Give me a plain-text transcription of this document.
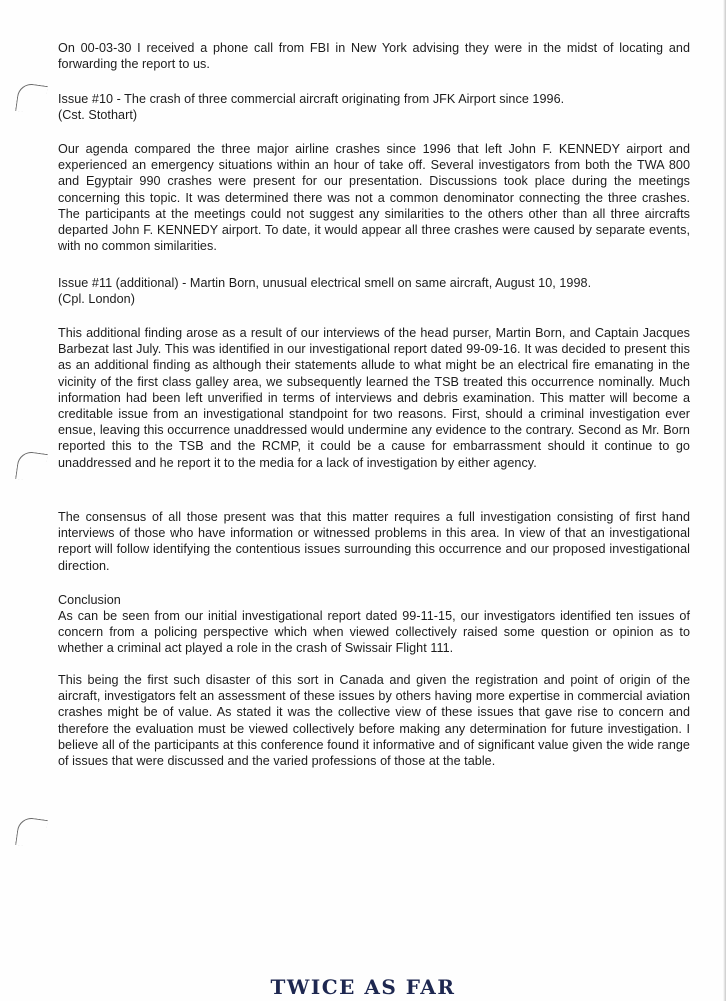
On 00-03-30 I received a phone call from FBI in New York advising they were in the midst of locating and forwarding the report to us.

Issue #10 - The crash of three commercial aircraft originating from JFK Airport since 1996.

(Cst. Stothart)

Our agenda compared the three major airline crashes since 1996 that left John F. KENNEDY airport and experienced an emergency situations within an hour of take off. Several investigators from both the TWA 800 and Egyptair 990 crashes were present for our presentation. Discussions took place during the meetings concerning this topic. It was determined there was not a common denominator connecting the three crashes. The participants at the meetings could not suggest any similarities to the others other than all three aircrafts departed John F. KENNEDY airport. To date, it would appear all three crashes were caused by separate events, with no common similarities.

Issue #11 (additional) - Martin Born, unusual electrical smell on same aircraft, August 10, 1998.

(Cpl. London)

This additional finding arose as a result of our interviews of the head purser, Martin Born, and Captain Jacques Barbezat last July. This was identified in our investigational report dated 99-09-16. It was decided to present this as an additional finding as although their statements allude to what might be an electrical fire emanating in the vicinity of the first class galley area, we subsequently learned the TSB treated this occurrence nominally. Much information had been left unverified in terms of interviews and debris examination. This matter will become a creditable issue from an investigational standpoint for two reasons. First, should a criminal investigation ever ensue, leaving this occurrence unaddressed would undermine any evidence to the contrary. Second as Mr. Born reported this to the TSB and the RCMP, it could be a cause for embarrassment should it continue to go unaddressed and he report it to the media for a lack of investigation by either agency.

The consensus of all those present was that this matter requires a full investigation consisting of first hand interviews of those who have information or witnessed problems in this area. In view of that an investigational report will follow identifying the contentious issues surrounding this occurrence and our proposed investigational direction.

Conclusion

As can be seen from our initial investigational report dated 99-11-15, our investigators identified ten issues of concern from a policing perspective which when viewed collectively raised some question or opinion as to whether a criminal act played a role in the crash of Swissair Flight 111.

This being the first such disaster of this sort in Canada and given the registration and point of origin of the aircraft, investigators felt an assessment of these issues by others having more expertise in commercial aviation crashes might be of value. As stated it was the collective view of these issues that gave rise to concern and therefore the evaluation must be viewed collectively before making any determination for future investigation. I believe all of the participants at this conference found it informative and of significant value given the wide range of issues that were discussed and the varied professions of those at the table.

TWICE AS FAR
